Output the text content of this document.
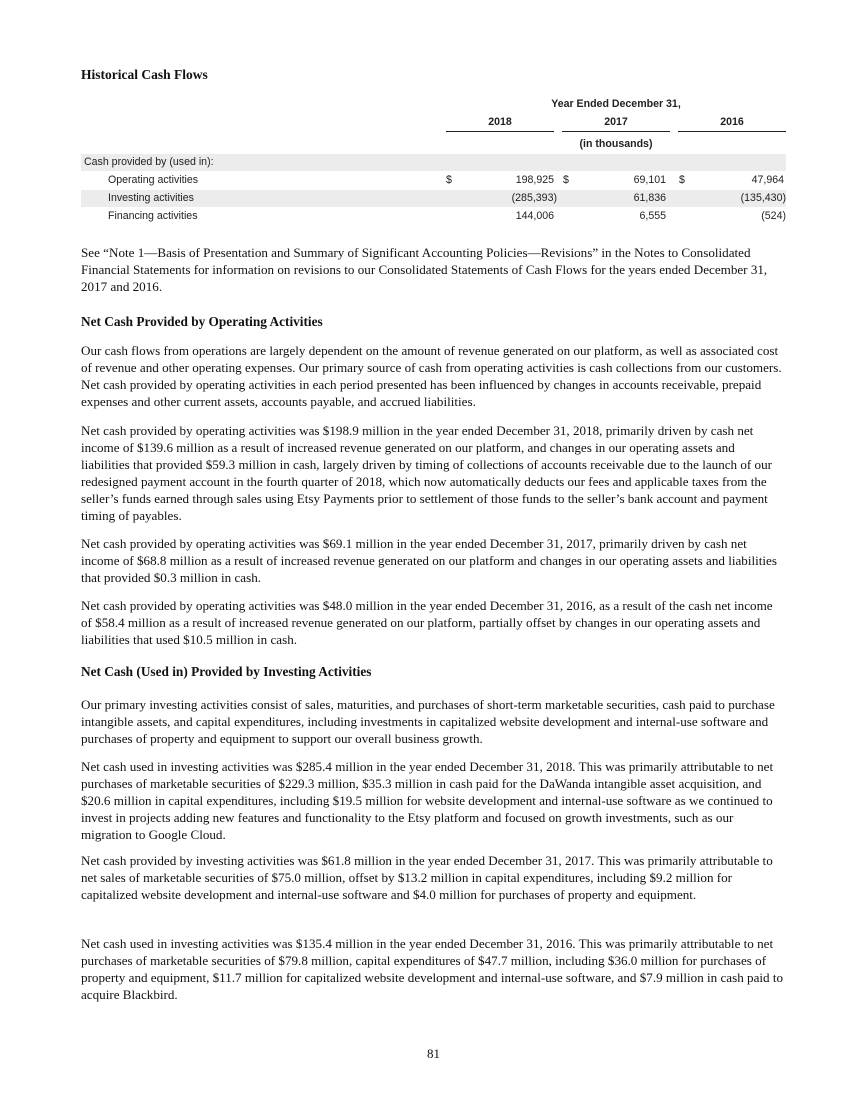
Historical Cash Flows
Year Ended December 31,
2018	2017	2016
(in thousands)
Cash provided by (used in):
Operating activities	$	198,925 $	69,101 $	47,964
Investing activities	(285,393)	61,836	(135,430)
Financing activities	144,006	6,555	(524)

See “Note 1—Basis of Presentation and Summary of Significant Accounting Policies—Revisions” in the Notes to Consolidated Financial Statements for information on revisions to our Consolidated Statements of Cash Flows for the years ended December 31, 2017 and 2016.

Net Cash Provided by Operating Activities

Our cash flows from operations are largely dependent on the amount of revenue generated on our platform, as well as associated cost of revenue and other operating expenses. Our primary source of cash from operating activities is cash collections from our customers. Net cash provided by operating activities in each period presented has been influenced by changes in accounts receivable, prepaid expenses and other current assets, accounts payable, and accrued liabilities.

Net cash provided by operating activities was $198.9 million in the year ended December 31, 2018, primarily driven by cash net income of $139.6 million as a result of increased revenue generated on our platform, and changes in our operating assets and liabilities that provided $59.3 million in cash, largely driven by timing of collections of accounts receivable due to the launch of our redesigned payment account in the fourth quarter of 2018, which now automatically deducts our fees and applicable taxes from the seller’s funds earned through sales using Etsy Payments prior to settlement of those funds to the seller’s bank account and payment timing of payables.

Net cash provided by operating activities was $69.1 million in the year ended December 31, 2017, primarily driven by cash net income of $68.8 million as a result of increased revenue generated on our platform and changes in our operating assets and liabilities that provided $0.3 million in cash.

Net cash provided by operating activities was $48.0 million in the year ended December 31, 2016, as a result of the cash net income of $58.4 million as a result of increased revenue generated on our platform, partially offset by changes in our operating assets and liabilities that used $10.5 million in cash.

Net Cash (Used in) Provided by Investing Activities

Our primary investing activities consist of sales, maturities, and purchases of short-term marketable securities, cash paid to purchase intangible assets, and capital expenditures, including investments in capitalized website development and internal-use software and purchases of property and equipment to support our overall business growth.

Net cash used in investing activities was $285.4 million in the year ended December 31, 2018. This was primarily attributable to net purchases of marketable securities of $229.3 million, $35.3 million in cash paid for the DaWanda intangible asset acquisition, and $20.6 million in capital expenditures, including $19.5 million for website development and internal-use software as we continued to invest in projects adding new features and functionality to the Etsy platform and focused on growth investments, such as our migration to Google Cloud.

Net cash provided by investing activities was $61.8 million in the year ended December 31, 2017. This was primarily attributable to net sales of marketable securities of $75.0 million, offset by $13.2 million in capital expenditures, including $9.2 million for capitalized website development and internal-use software and $4.0 million for purchases of property and equipment.

Net cash used in investing activities was $135.4 million in the year ended December 31, 2016. This was primarily attributable to net purchases of marketable securities of $79.8 million, capital expenditures of $47.7 million, including $36.0 million for purchases of property and equipment, $11.7 million for capitalized website development and internal-use software, and $7.9 million in cash paid to acquire Blackbird.

81
